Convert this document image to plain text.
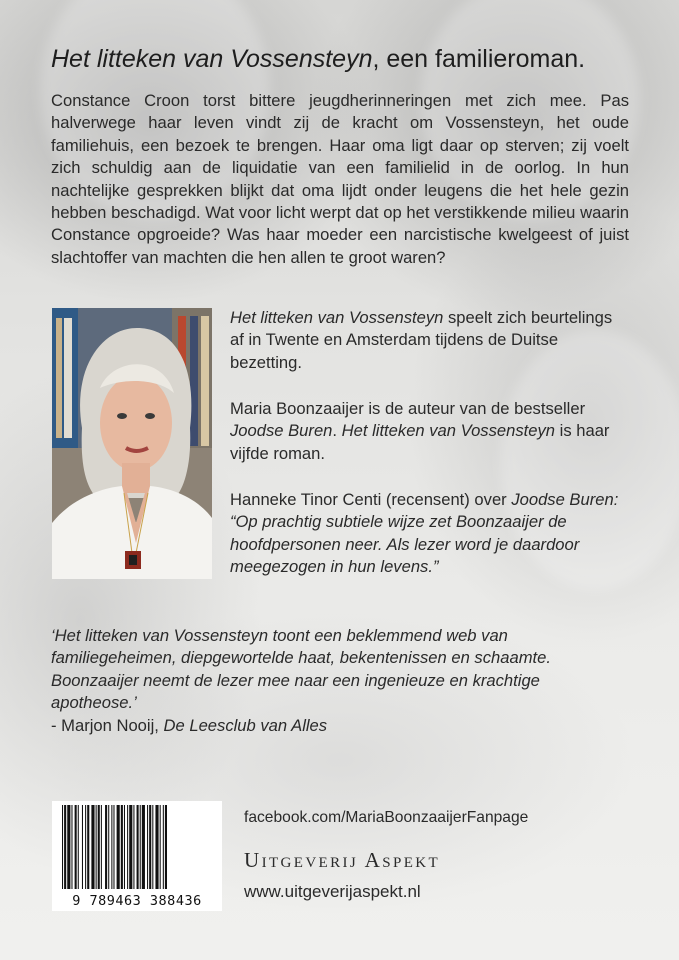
Het litteken van Vossensteyn, een familieroman.

Constance Croon torst bittere jeugdherinneringen met zich mee. Pas halverwege haar leven vindt zij de kracht om Vossensteyn, het oude familiehuis, een bezoek te brengen. Haar oma ligt daar op sterven; zij voelt zich schuldig aan de liquidatie van een familielid in de oorlog. In hun nachtelijke gesprekken blijkt dat oma lijdt onder leugens die het hele gezin hebben beschadigd. Wat voor licht werpt dat op het verstikkende milieu waarin Constance opgroeide? Was haar moeder een narcistische kwelgeest of juist slachtoffer van machten die hen allen te groot waren?

Het litteken van Vossensteyn speelt zich beurtelings af in Twente en Amsterdam tijdens de Duitse bezetting.

Maria Boonzaaijer is de auteur van de bestseller Joodse Buren. Het litteken van Vossensteyn is haar vijfde roman.

Hanneke Tinor Centi (recensent) over Joodse Buren:

“Op prachtig subtiele wijze zet Boonzaaijer de hoofdpersonen neer. Als lezer word je daardoor meegezogen in hun levens.”

‘Het litteken van Vossensteyn toont een beklemmend web van familiegeheimen, diepgewortelde haat, bekentenissen en schaamte. Boonzaaijer neemt de lezer mee naar een ingenieuze en krachtige apotheose.’

- Marjon Nooij, De Leesclub van Alles

9 789463 388436
facebook.com/MariaBoonzaaijerFanpage
Uitgeverij Aspekt
www.uitgeverijaspekt.nl
